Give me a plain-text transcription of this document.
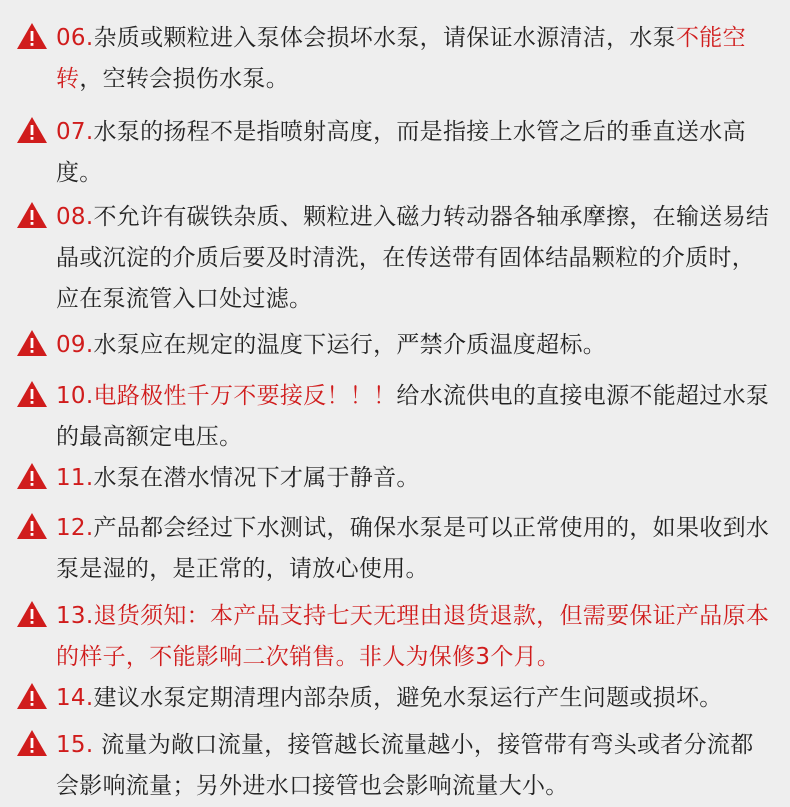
06.杂质或颗粒进入泵体会损坏水泵，请保证水源清洁，水泵不能空转，空转会损伤水泵。
07.水泵的扬程不是指喷射高度，而是指接上水管之后的垂直送水高度。
08.不允许有碳铁杂质、颗粒进入磁力转动器各轴承摩擦，在输送易结晶或沉淀的介质后要及时清洗，在传送带有固体结晶颗粒的介质时，应在泵流管入口处过滤。
09.水泵应在规定的温度下运行，严禁介质温度超标。
10.电路极性千万不要接反！！！给水流供电的直接电源不能超过水泵的最高额定电压。
11.水泵在潜水情况下才属于静音。
12.产品都会经过下水测试，确保水泵是可以正常使用的，如果收到水泵是湿的，是正常的，请放心使用。
13.退货须知：本产品支持七天无理由退货退款，但需要保证产品原本的样子，不能影响二次销售。非人为保修3个月。
14.建议水泵定期清理内部杂质，避免水泵运行产生问题或损坏。
15. 流量为敞口流量，接管越长流量越小，接管带有弯头或者分流都会影响流量；另外进水口接管也会影响流量大小。
